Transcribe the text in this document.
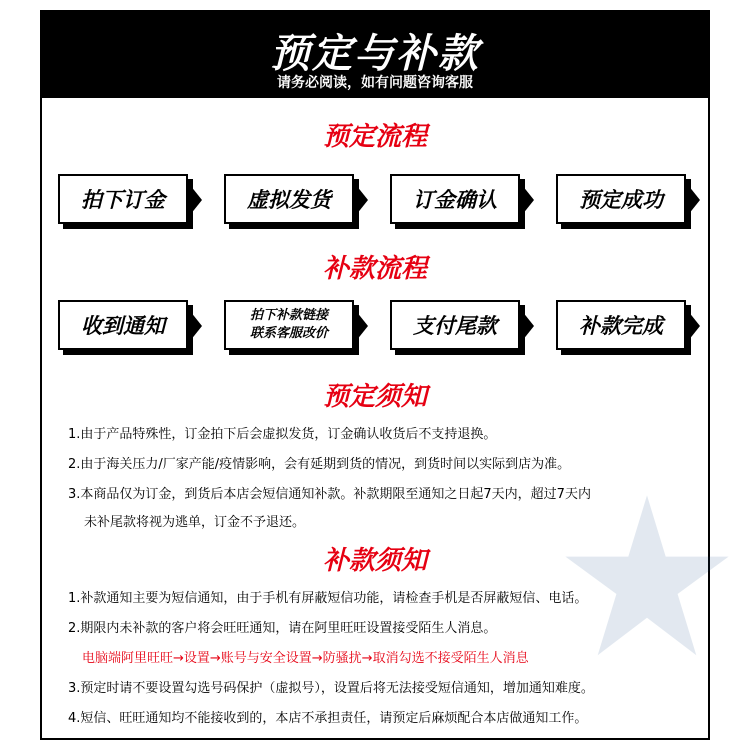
预定与补款
请务必阅读，如有问题咨询客服
预定流程
拍下订金	虚拟发货	订金确认	预定成功
补款流程
收到通知	拍下补款链接
联系客服改价	支付尾款	补款完成
预定须知
1.由于产品特殊性，订金拍下后会虚拟发货，订金确认收货后不支持退换。
2.由于海关压力/厂家产能/疫情影响，会有延期到货的情况，到货时间以实际到店为准。
3.本商品仅为订金，到货后本店会短信通知补款。补款期限至通知之日起7天内，超过7天内
未补尾款将视为逃单，订金不予退还。
补款须知
1.补款通知主要为短信通知，由于手机有屏蔽短信功能，请检查手机是否屏蔽短信、电话。
2.期限内未补款的客户将会旺旺通知，请在阿里旺旺设置接受陌生人消息。
电脑端阿里旺旺→设置→账号与安全设置→防骚扰→取消勾选不接受陌生人消息
3.预定时请不要设置勾选号码保护（虚拟号），设置后将无法接受短信通知，增加通知难度。
4.短信、旺旺通知均不能接收到的，本店不承担责任，请预定后麻烦配合本店做通知工作。
